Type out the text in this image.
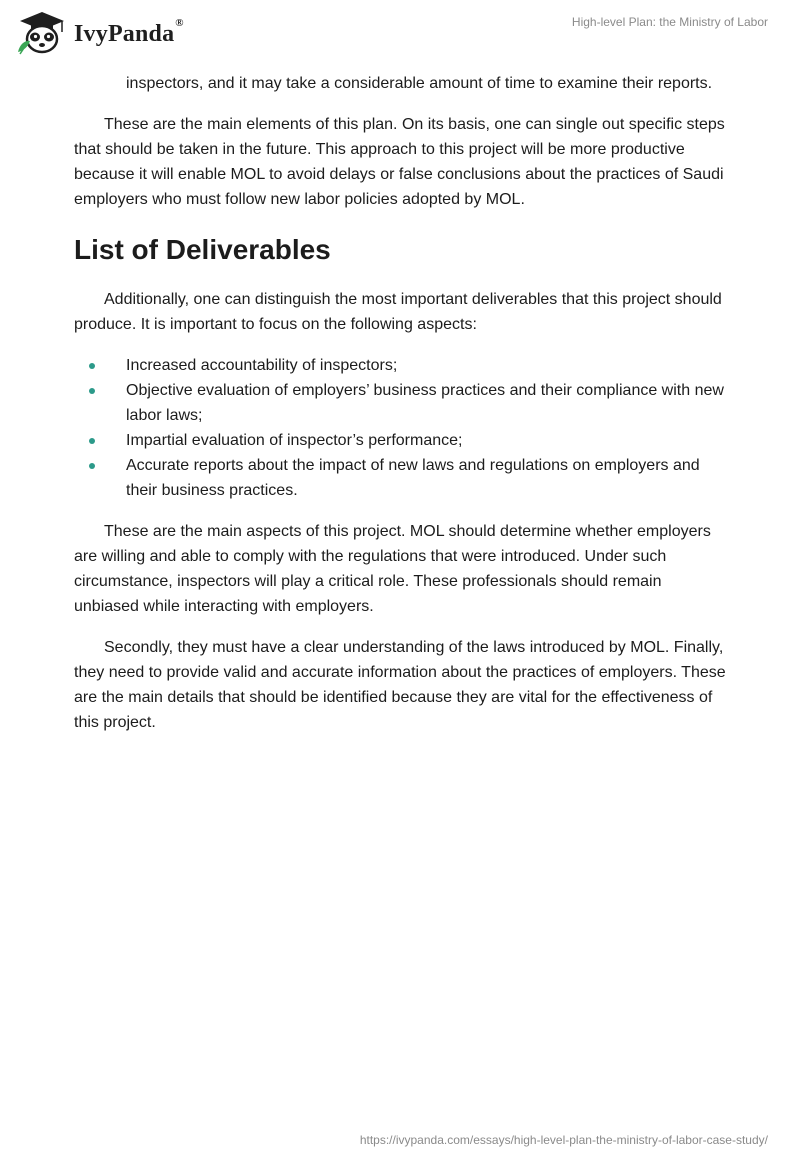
IvyPanda®	High-level Plan: the Ministry of Labor

inspectors, and it may take a considerable amount of time to examine their reports.

These are the main elements of this plan. On its basis, one can single out specific steps that should be taken in the future. This approach to this project will be more productive because it will enable MOL to avoid delays or false conclusions about the practices of Saudi employers who must follow new labor policies adopted by MOL.

List of Deliverables

Additionally, one can distinguish the most important deliverables that this project should produce. It is important to focus on the following aspects:

Increased accountability of inspectors;
Objective evaluation of employers’ business practices and their compliance with new labor laws;
Impartial evaluation of inspector’s performance;
Accurate reports about the impact of new laws and regulations on employers and their business practices.

These are the main aspects of this project. MOL should determine whether employers are willing and able to comply with the regulations that were introduced. Under such circumstance, inspectors will play a critical role. These professionals should remain unbiased while interacting with employers.

Secondly, they must have a clear understanding of the laws introduced by MOL. Finally, they need to provide valid and accurate information about the practices of employers. These are the main details that should be identified because they are vital for the effectiveness of this project.

https://ivypanda.com/essays/high-level-plan-the-ministry-of-labor-case-study/
